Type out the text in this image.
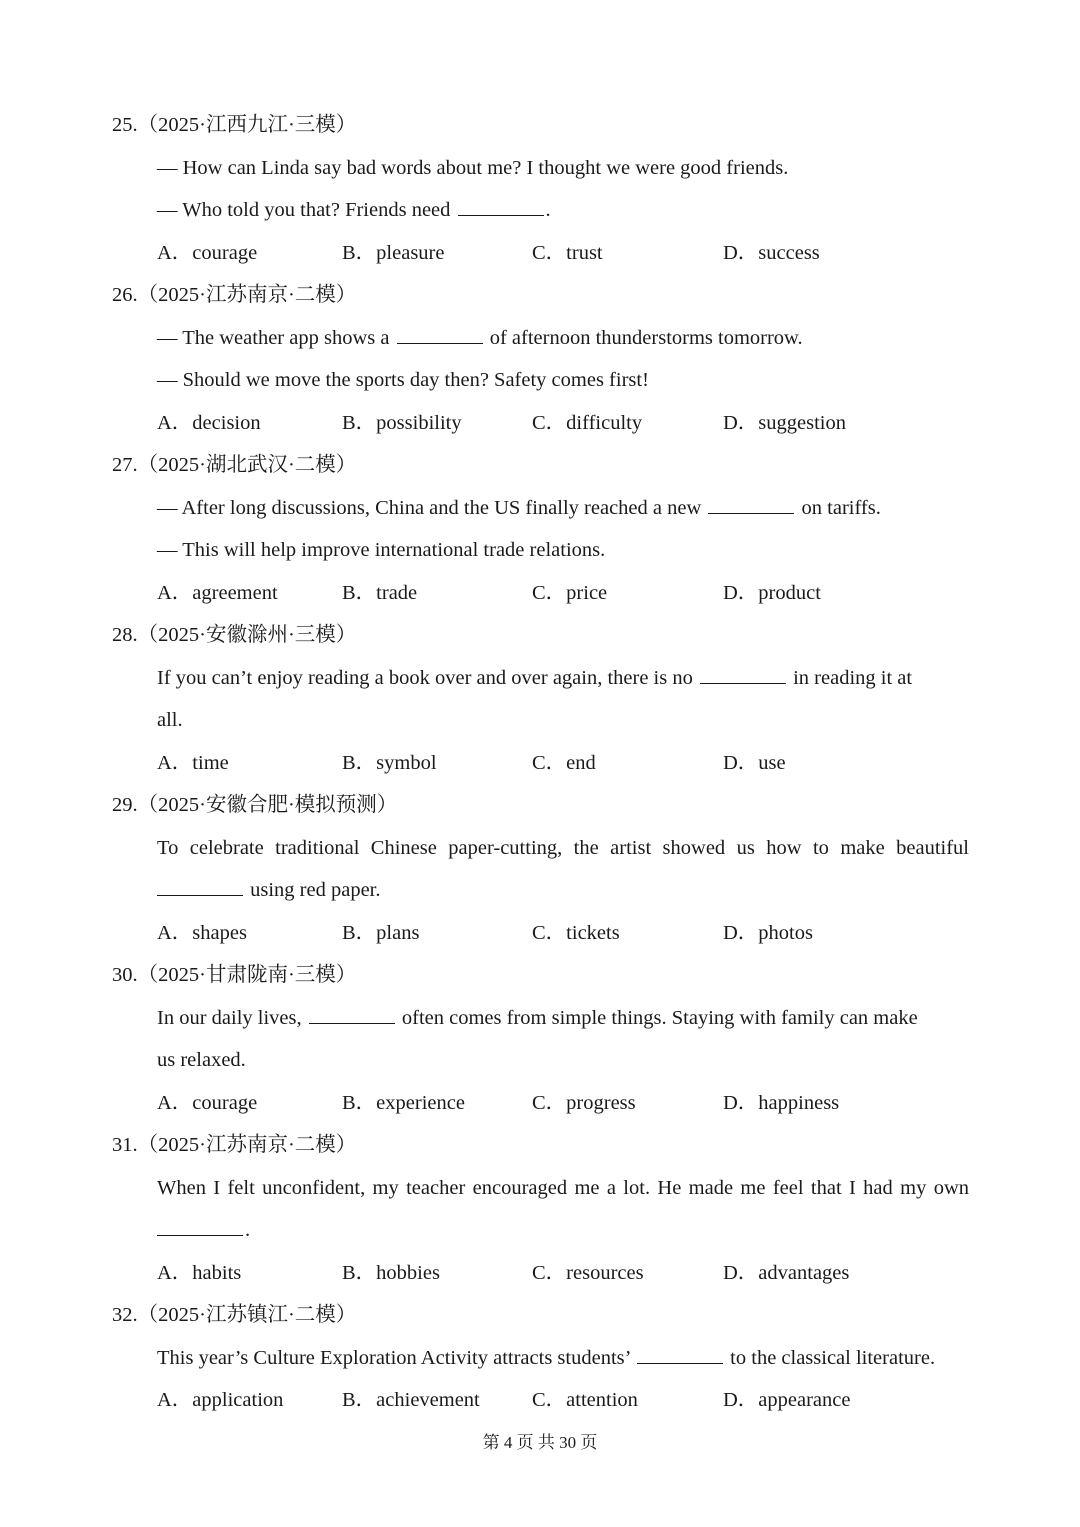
25.（2025·江西九江·三模）
— How can Linda say bad words about me? I thought we were good friends.
— Who told you that? Friends need	.
A．courage	B．pleasure	C．trust	D．success
26.（2025·江苏南京·二模）
— The weather app shows a	of afternoon thunderstorms tomorrow.
— Should we move the sports day then? Safety comes first!
A．decision	B．possibility	C．difficulty	D．suggestion
27.（2025·湖北武汉·二模）
— After long discussions, China and the US finally reached a new	on tariffs.
— This will help improve international trade relations.
A．agreement	B．trade	C．price	D．product
28.（2025·安徽滁州·三模）
If you can’t enjoy reading a book over and over again, there is no	in reading it at
all.
A．time	B．symbol	C．end	D．use
29.（2025·安徽合肥·模拟预测）
To celebrate traditional Chinese paper-cutting, the artist showed us how to make beautiful
using red paper.
A．shapes	B．plans	C．tickets	D．photos
30.（2025·甘肃陇南·三模）
In our daily lives,	often comes from simple things. Staying with family can make
us relaxed.
A．courage	B．experience	C．progress	D．happiness
31.（2025·江苏南京·二模）
When I felt unconfident, my teacher encouraged me a lot. He made me feel that I had my own
.
A．habits	B．hobbies	C．resources	D．advantages
32.（2025·江苏镇江·二模）
This year’s Culture Exploration Activity attracts students’	to the classical literature.
A．application	B．achievement	C．attention	D．appearance
第 4 页 共 30 页
